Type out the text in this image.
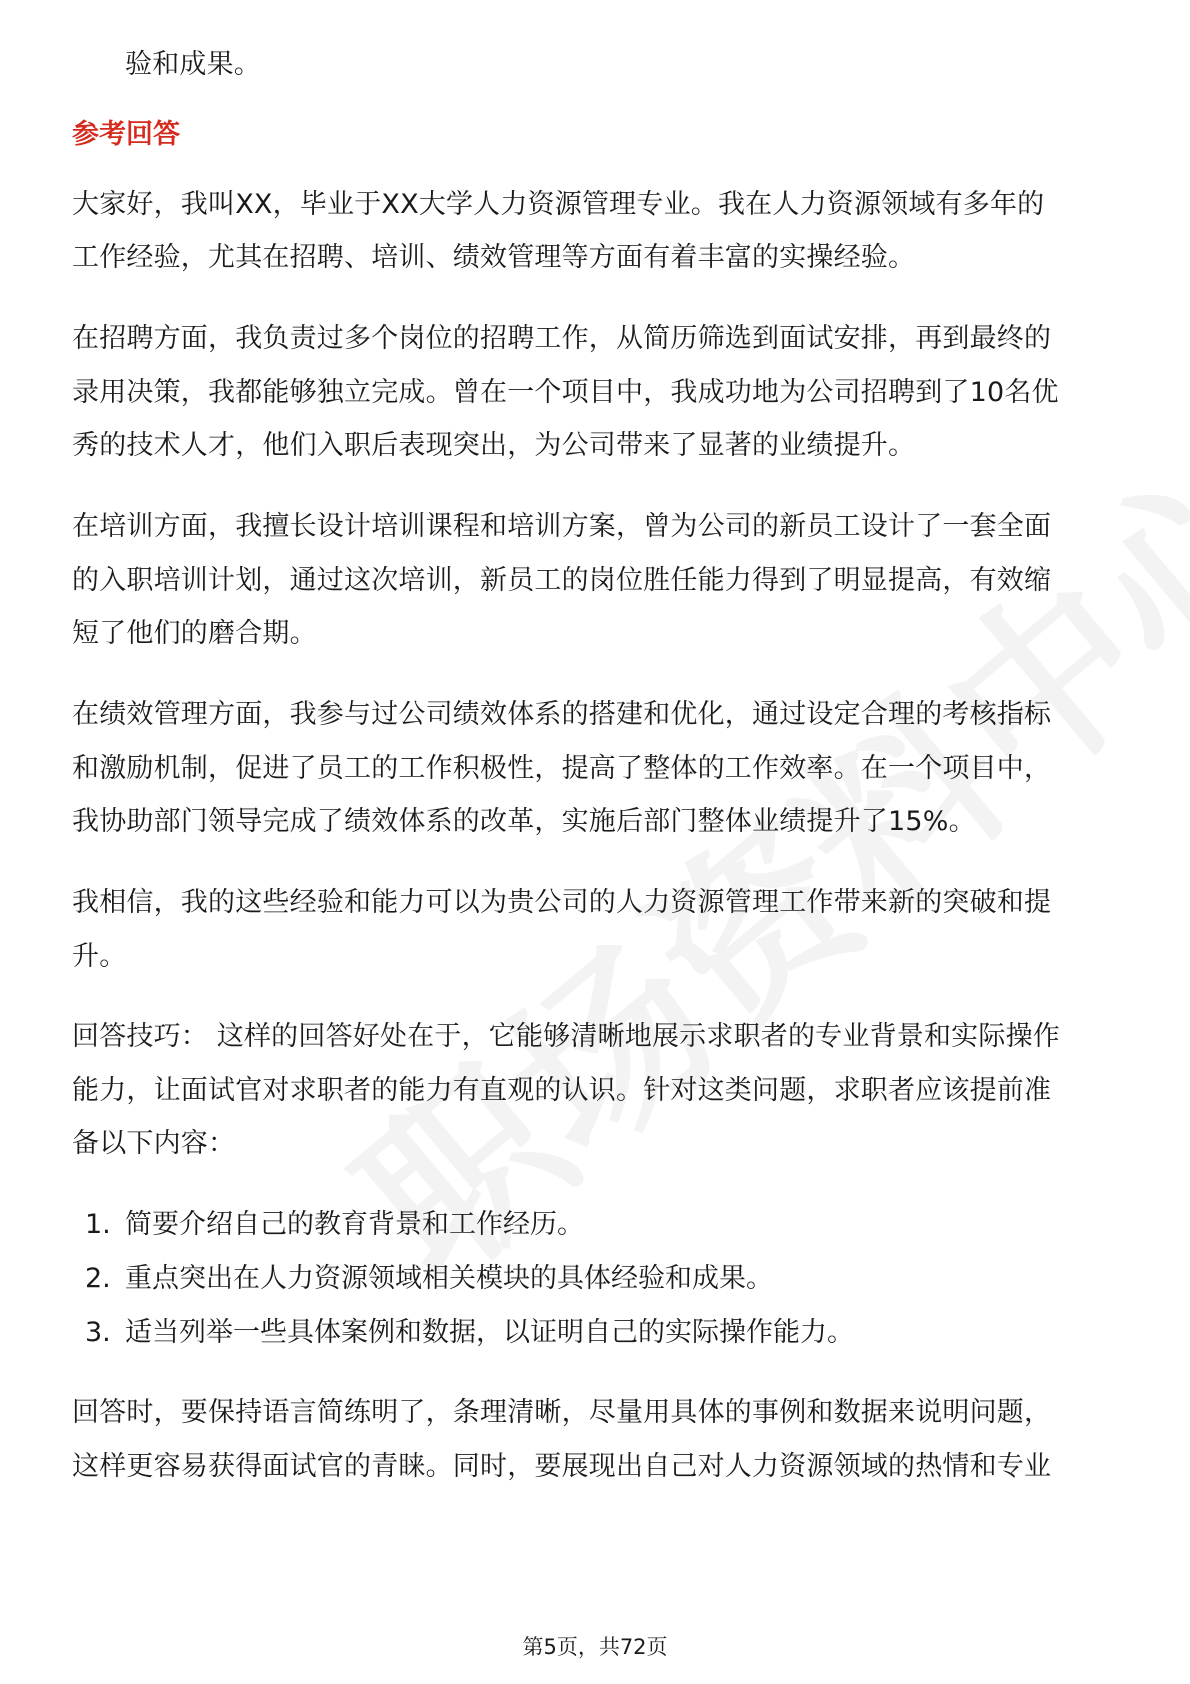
验和成果。
参考回答
大家好，我叫XX，毕业于XX大学人力资源管理专业。我在人力资源领域有多年的
工作经验，尤其在招聘、培训、绩效管理等方面有着丰富的实操经验。
在招聘方面，我负责过多个岗位的招聘工作，从简历筛选到面试安排，再到最终的
录用决策，我都能够独立完成。曾在一个项目中，我成功地为公司招聘到了10名优
秀的技术人才，他们入职后表现突出，为公司带来了显著的业绩提升。
在培训方面，我擅长设计培训课程和培训方案，曾为公司的新员工设计了一套全面
的入职培训计划，通过这次培训，新员工的岗位胜任能力得到了明显提高，有效缩
短了他们的磨合期。
在绩效管理方面，我参与过公司绩效体系的搭建和优化，通过设定合理的考核指标
和激励机制，促进了员工的工作积极性，提高了整体的工作效率。在一个项目中，
我协助部门领导完成了绩效体系的改革，实施后部门整体业绩提升了15%。
我相信，我的这些经验和能力可以为贵公司的人力资源管理工作带来新的突破和提
升。
回答技巧： 这样的回答好处在于，它能够清晰地展示求职者的专业背景和实际操作
能力，让面试官对求职者的能力有直观的认识。针对这类问题，求职者应该提前准
备以下内容：
1. 简要介绍自己的教育背景和工作经历。
2. 重点突出在人力资源领域相关模块的具体经验和成果。
3. 适当列举一些具体案例和数据，以证明自己的实际操作能力。
回答时，要保持语言简练明了，条理清晰，尽量用具体的事例和数据来说明问题，
这样更容易获得面试官的青睐。同时，要展现出自己对人力资源领域的热情和专业
第5页，共72页
